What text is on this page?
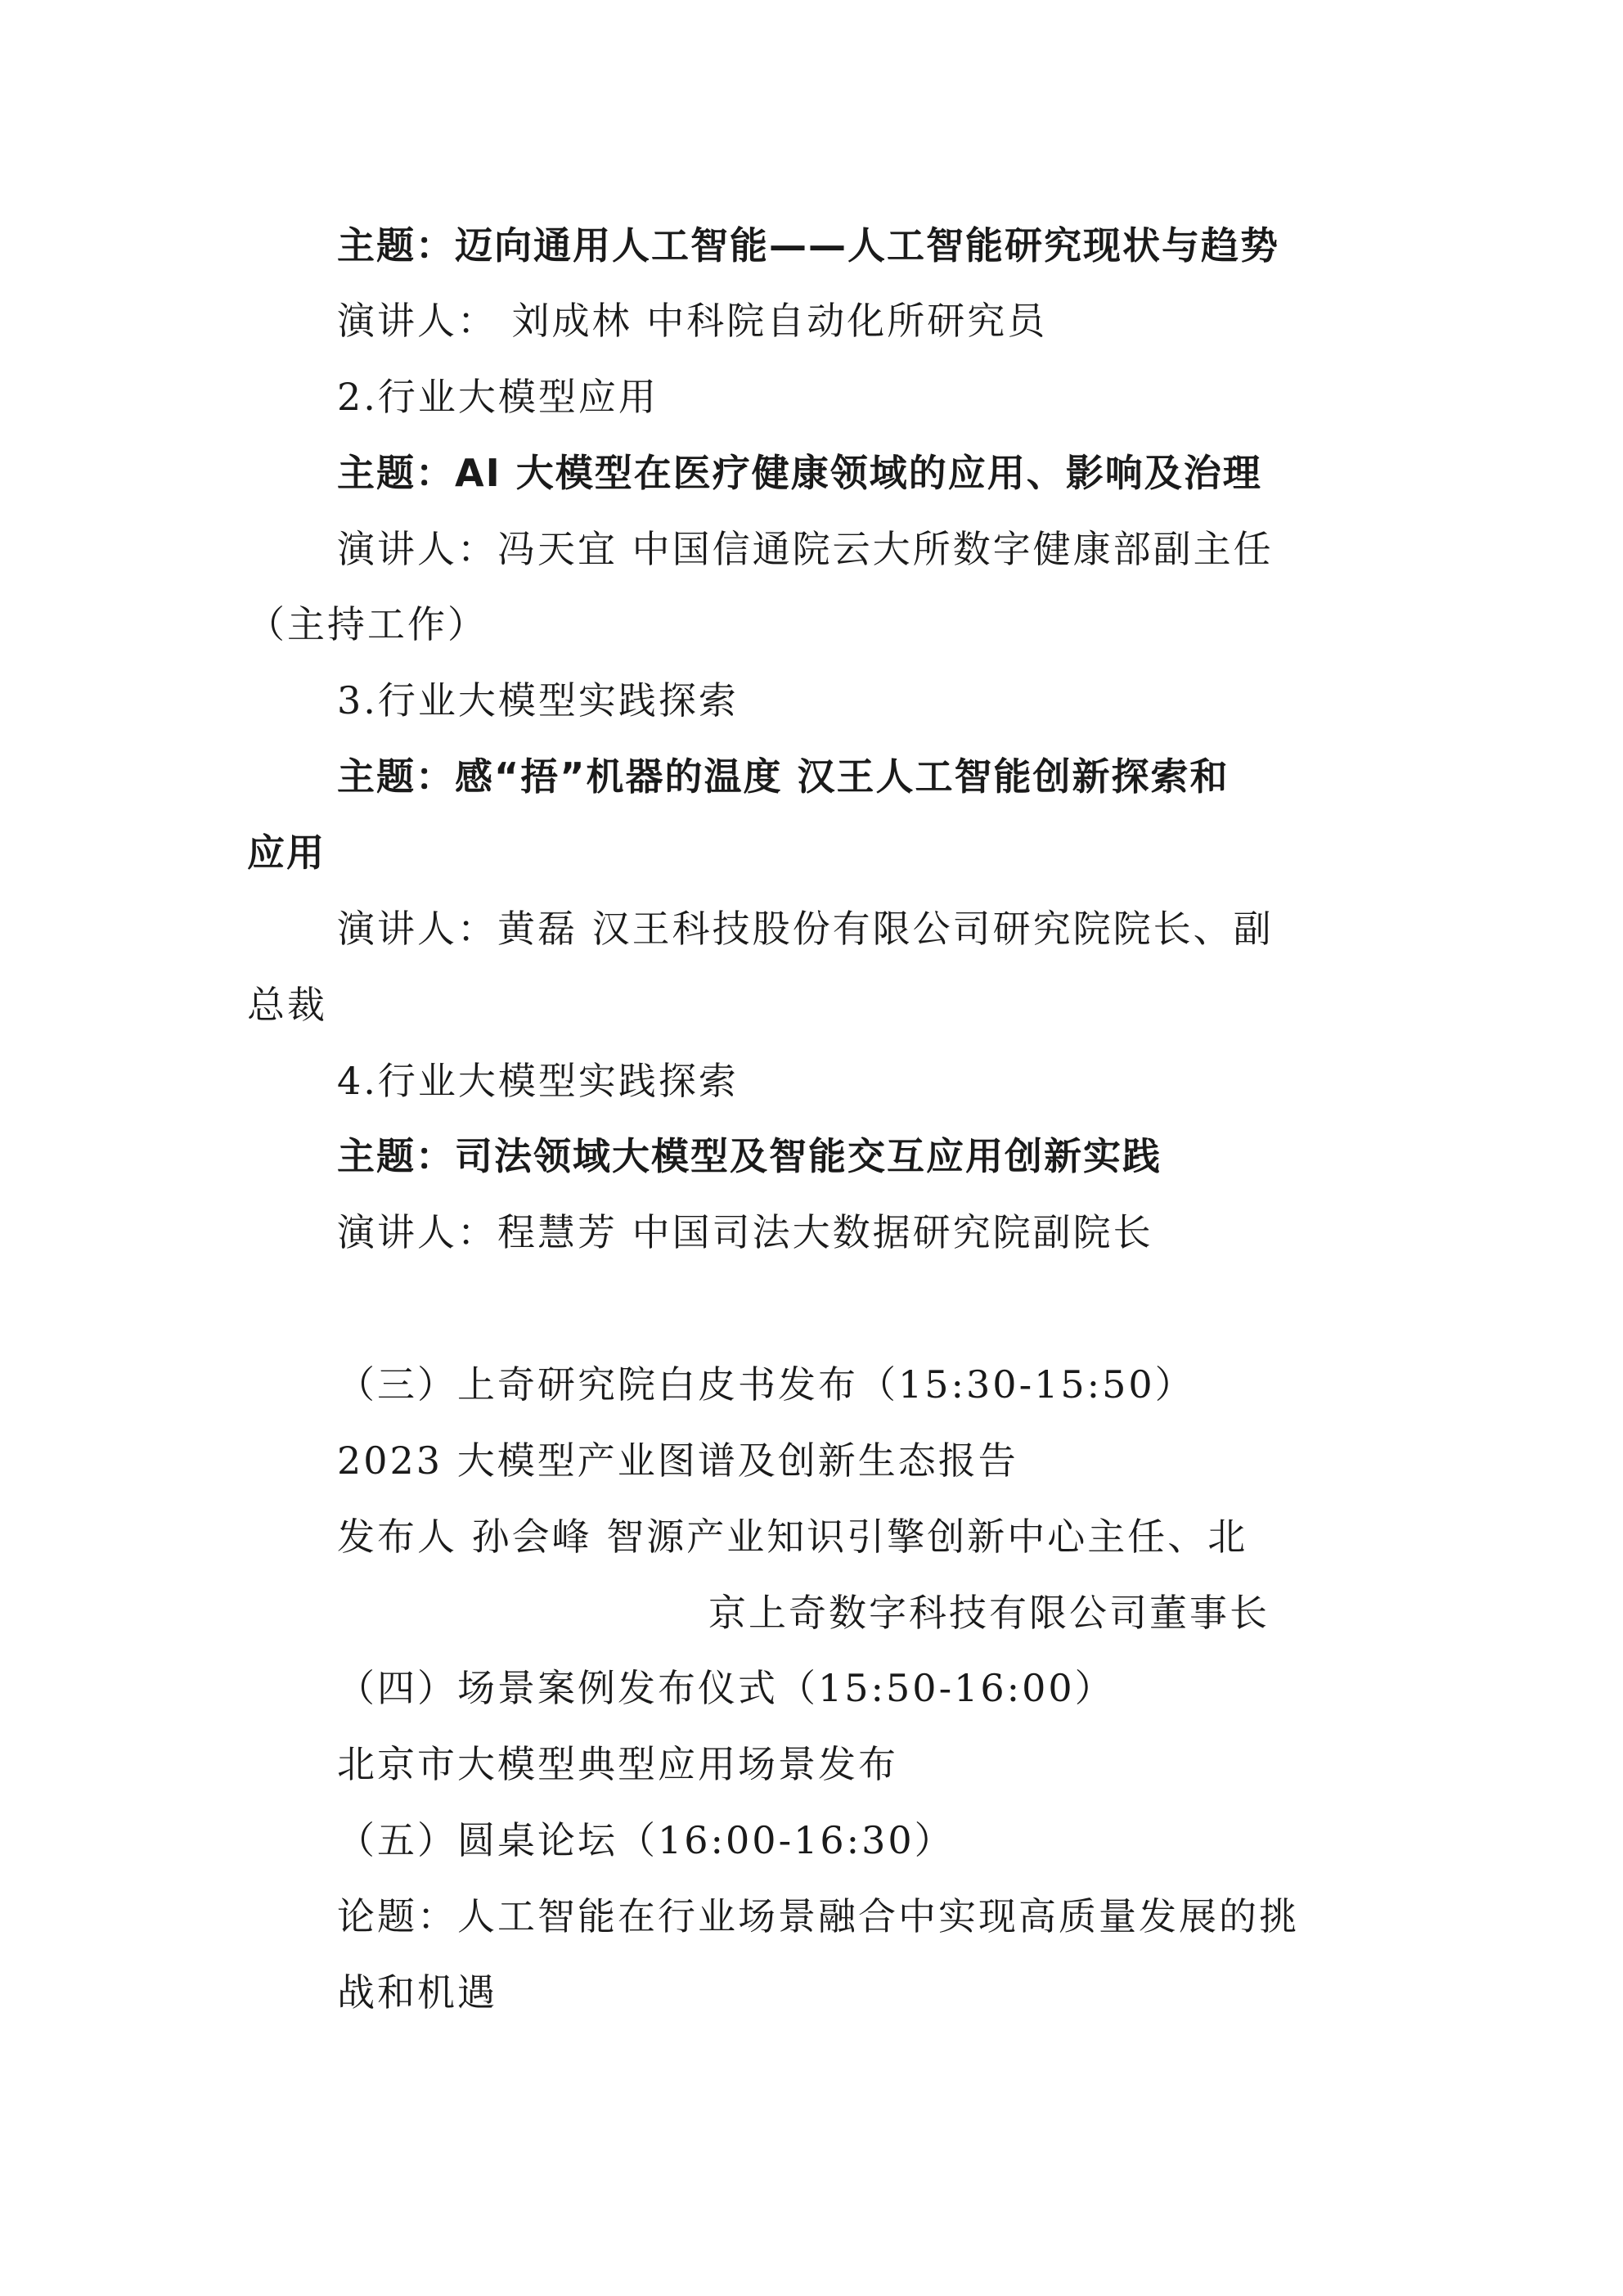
主题：迈向通用人工智能——人工智能研究现状与趋势
演讲人： 刘成林 中科院自动化所研究员
2.行业大模型应用
主题：AI 大模型在医疗健康领域的应用、影响及治理
演讲人：冯天宜 中国信通院云大所数字健康部副主任
（主持工作）
3.行业大模型实践探索
主题：感“捂”机器的温度 汉王人工智能创新探索和
应用
演讲人：黄磊 汉王科技股份有限公司研究院院长、副
总裁
4.行业大模型实践探索
主题：司法领域大模型及智能交互应用创新实践
演讲人：程慧芳 中国司法大数据研究院副院长
（三）上奇研究院白皮书发布（15:30-15:50）
2023 大模型产业图谱及创新生态报告
发布人 孙会峰 智源产业知识引擎创新中心主任、北
京上奇数字科技有限公司董事长
（四）场景案例发布仪式（15:50-16:00）
北京市大模型典型应用场景发布
（五）圆桌论坛（16:00-16:30）
论题：人工智能在行业场景融合中实现高质量发展的挑
战和机遇
